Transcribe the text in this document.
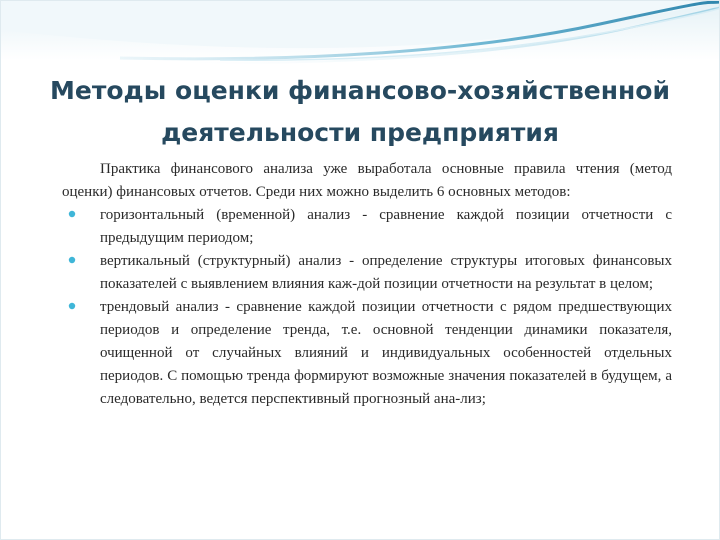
Методы оценки финансово-хозяйственной
деятельности предприятия

Практика финансового анализа уже выработала основные правила чтения (метод оценки) финансовых отчетов. Среди них можно выделить 6 основных методов:

горизонтальный (временной) анализ - сравнение каждой позиции отчетности с предыдущим периодом;
вертикальный (структурный) анализ - определение структуры итоговых финансовых показателей с выявлением влияния каж-дой позиции отчетности на результат в целом;
трендовый анализ - сравнение каждой позиции отчетности с рядом предшествующих периодов и определение тренда, т.е. основной тенденции динамики показателя, очищенной от случайных влияний и индивидуальных особенностей отдельных периодов. С помощью тренда формируют возможные значения показателей в будущем, а следовательно, ведется перспективный прогнозный ана-лиз;
